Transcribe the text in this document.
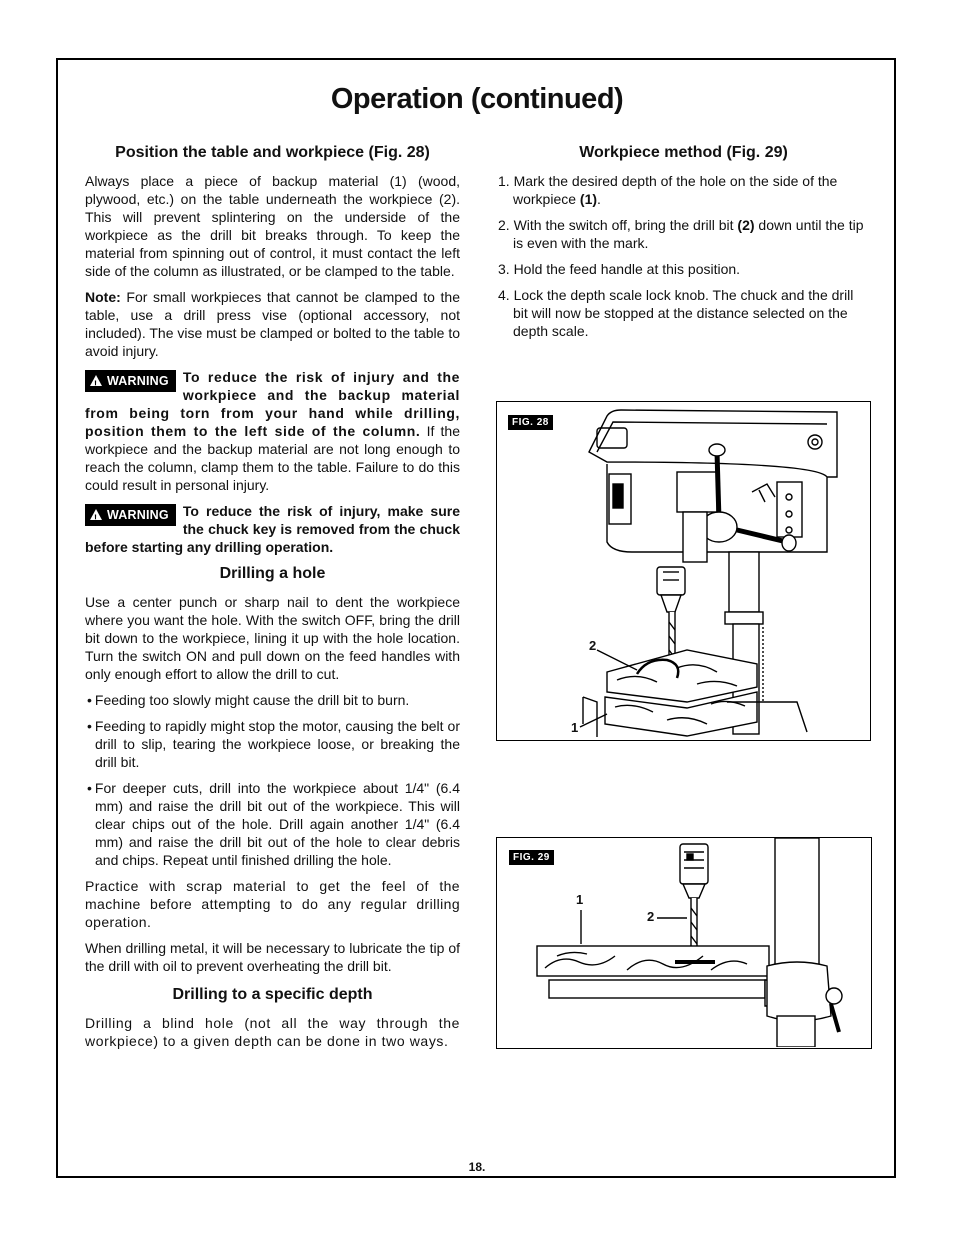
Operation (continued)
Position the table and workpiece (Fig. 28)

Always place a piece of backup material (1) (wood, plywood, etc.) on the table underneath the workpiece (2). This will prevent splintering on the underside of the workpiece as the drill bit breaks through. To keep the material from spinning out of control, it must contact the left side of the column as illustrated, or be clamped to the table.

Note: For small workpieces that cannot be clamped to the table, use a drill press vise (optional accessory, not included). The vise must be clamped or bolted to the table to avoid injury.

!WARNING	To reduce the risk of injury and the workpiece and the backup material from being torn from your hand while drilling, position them to the left side of the column. If the workpiece and the backup material are not long enough to reach the column, clamp them to the table. Failure to do this could result in personal injury.
!WARNING	To reduce the risk of injury, make sure the chuck key is removed from the chuck before starting any drilling operation.
Drilling a hole

Use a center punch or sharp nail to dent the workpiece where you want the hole. With the switch OFF, bring the drill bit down to the workpiece, lining it up with the hole location. Turn the switch ON and pull down on the feed handles with only enough effort to allow the drill to cut.

• Feeding too slowly might cause the drill bit to burn.
• Feeding to rapidly might stop the motor, causing the belt or drill to slip, tearing the workpiece loose, or breaking the drill bit.
• For deeper cuts, drill into the workpiece about 1/4" (6.4 mm) and raise the drill bit out of the workpiece. This will clear chips out of the hole. Drill again another 1/4" (6.4 mm) and raise the drill bit out of the hole to clear debris and chips. Repeat until finished drilling the hole.

Practice with scrap material to get the feel of the machine before attempting to do any regular drilling operation.

When drilling metal, it will be necessary to lubricate the tip of the drill with oil to prevent overheating the drill bit.

Drilling to a specific depth

Drilling a blind hole (not all the way through the workpiece) to a given depth can be done in two ways.

Workpiece method (Fig. 29)
1. Mark the desired depth of the hole on the side of the workpiece (1).
2. With the switch off, bring the drill bit (2) down until the tip is even with the mark.
3. Hold the feed handle at this position.
4. Lock the depth scale lock knob. The chuck and the drill bit will now be stopped at the distance selected on the depth scale.
FIG. 28
2
1
FIG. 29
1
2
18.
